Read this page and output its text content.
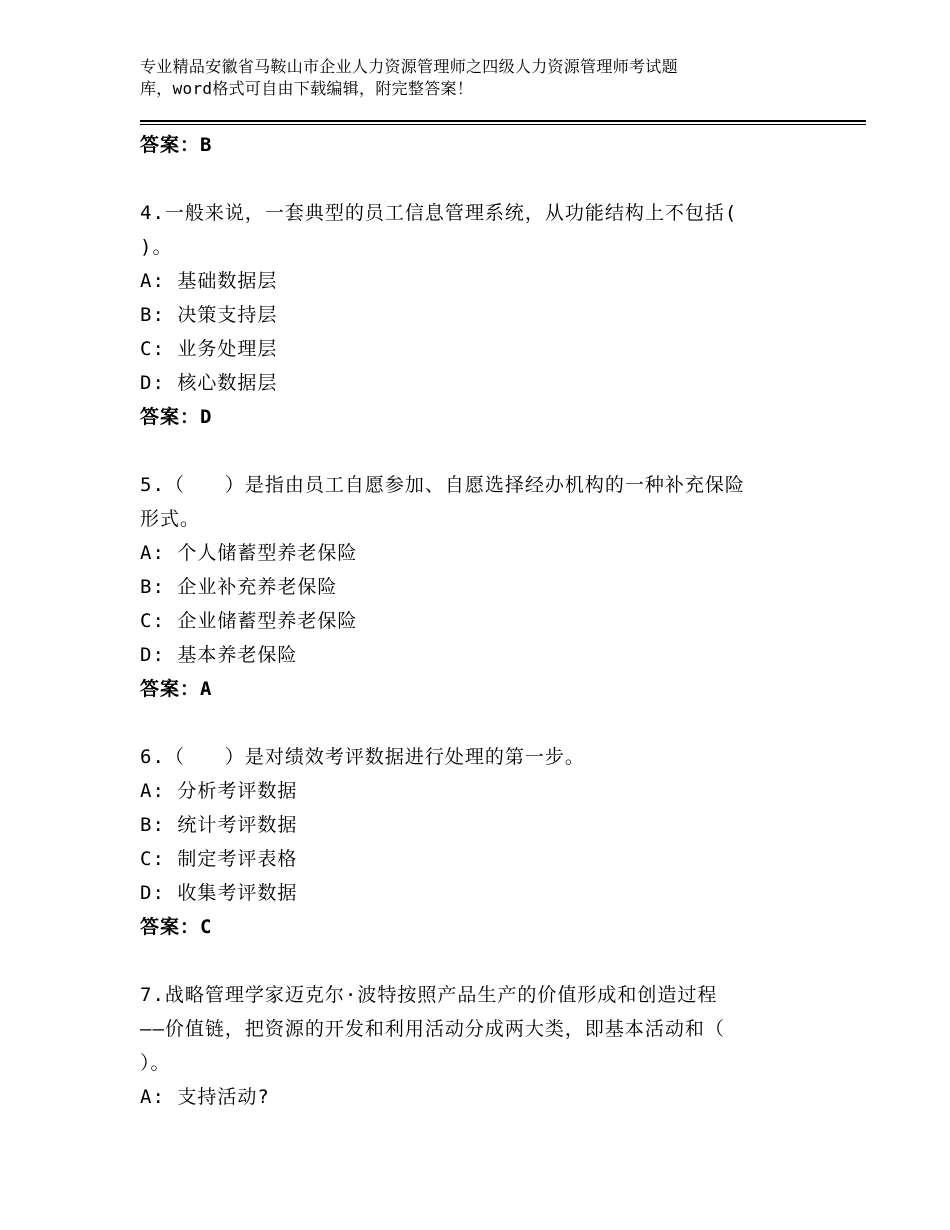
专业精品安徽省马鞍山市企业人力资源管理师之四级人力资源管理师考试题
库，word格式可自由下载编辑，附完整答案！
答案：B
4.一般来说，一套典型的员工信息管理系统，从功能结构上不包括(
)。
A: 基础数据层
B: 决策支持层
C: 业务处理层
D: 核心数据层
答案：D
5.（　　）是指由员工自愿参加、自愿选择经办机构的一种补充保险
形式。
A: 个人储蓄型养老保险
B: 企业补充养老保险
C: 企业储蓄型养老保险
D: 基本养老保险
答案：A
6.（　　）是对绩效考评数据进行处理的第一步。
A: 分析考评数据
B: 统计考评数据
C: 制定考评表格
D: 收集考评数据
答案：C
7.战略管理学家迈克尔·波特按照产品生产的价值形成和创造过程
——价值链，把资源的开发和利用活动分成两大类，即基本活动和（
）。
A: 支持活动?
